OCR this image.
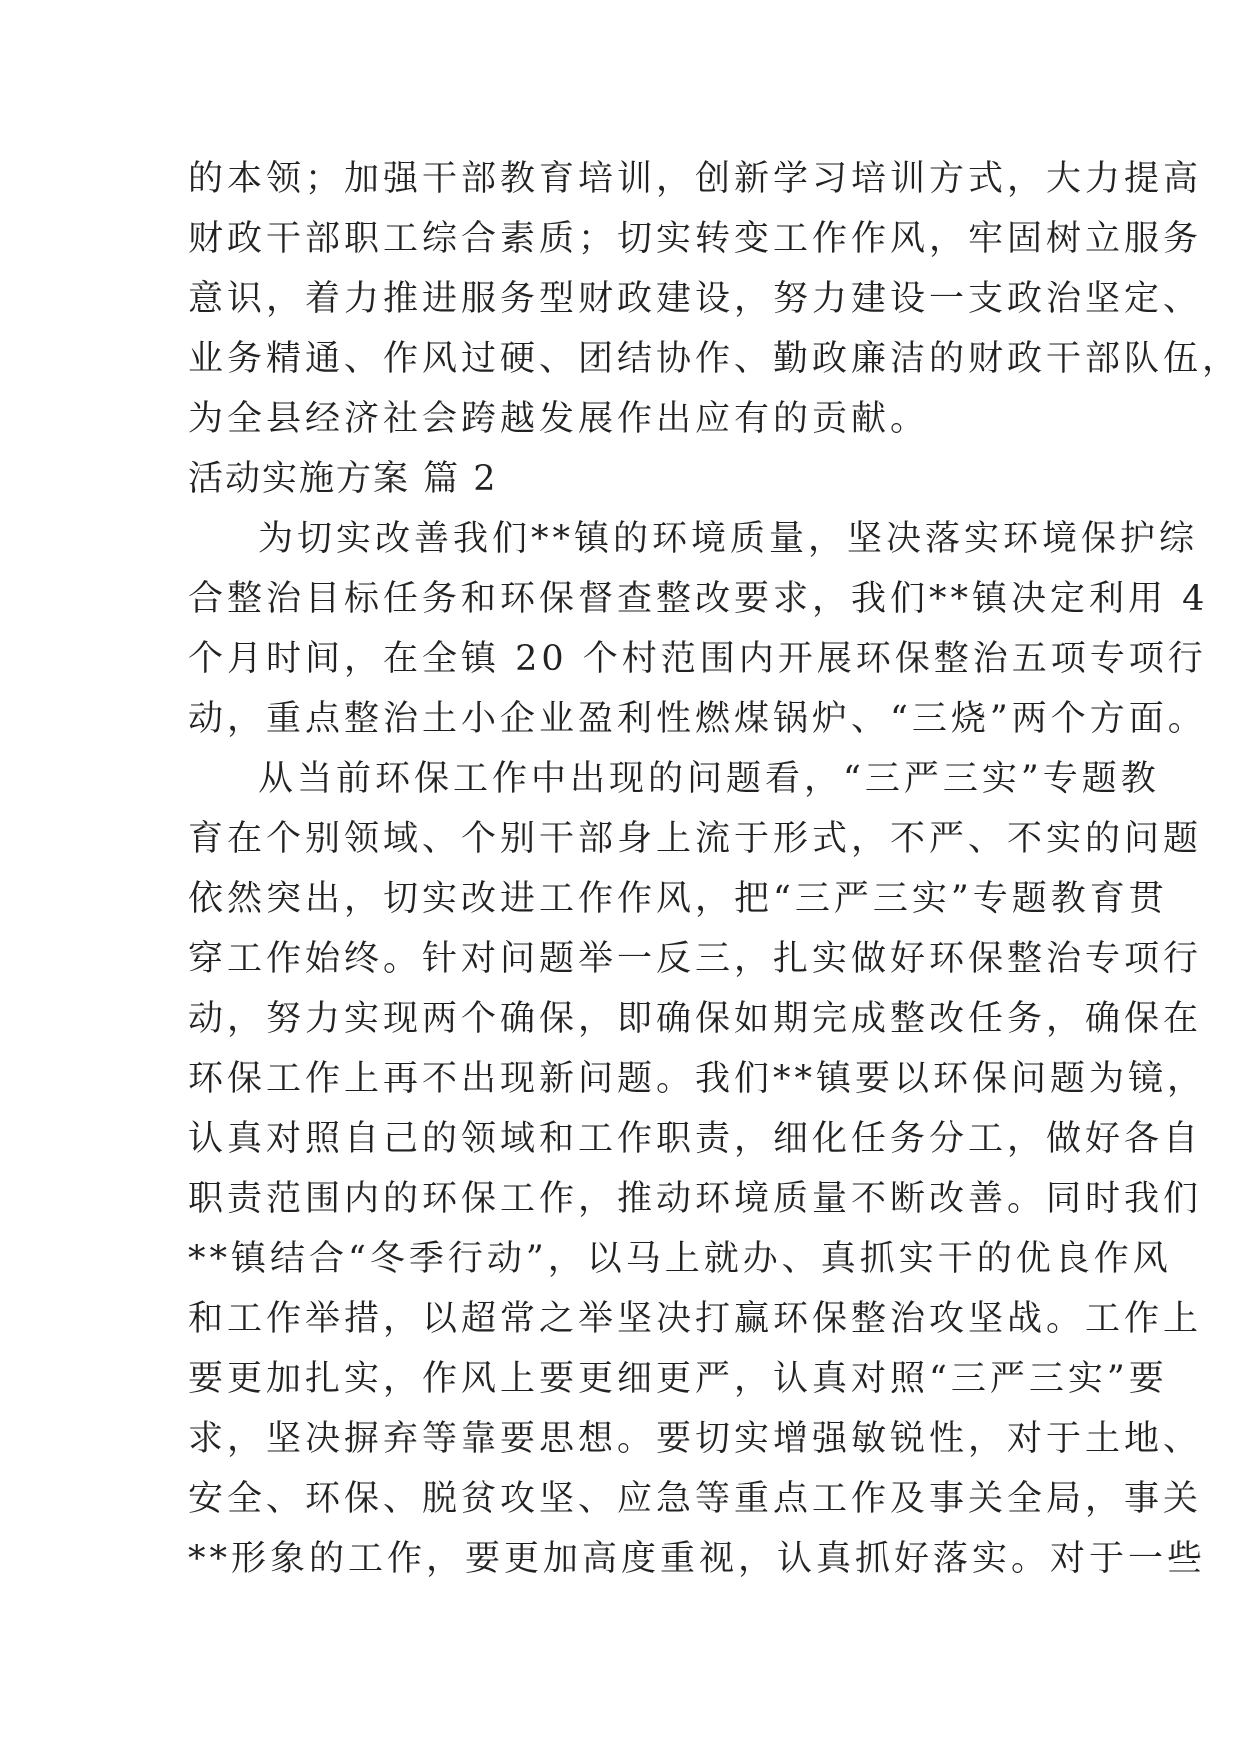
的本领；加强干部教育培训，创新学习培训方式，大力提高
财政干部职工综合素质；切实转变工作作风，牢固树立服务
意识，着力推进服务型财政建设，努力建设一支政治坚定、
业务精通、作风过硬、团结协作、勤政廉洁的财政干部队伍，
为全县经济社会跨越发展作出应有的贡献。
活动实施方案 篇 2
为切实改善我们**镇的环境质量，坚决落实环境保护综
合整治目标任务和环保督查整改要求，我们**镇决定利用 4
个月时间，在全镇 20 个村范围内开展环保整治五项专项行
动，重点整治土小企业盈利性燃煤锅炉、“三烧”两个方面。
从当前环保工作中出现的问题看，“三严三实”专题教
育在个别领域、个别干部身上流于形式，不严、不实的问题
依然突出，切实改进工作作风，把“三严三实”专题教育贯
穿工作始终。针对问题举一反三，扎实做好环保整治专项行
动，努力实现两个确保，即确保如期完成整改任务，确保在
环保工作上再不出现新问题。我们**镇要以环保问题为镜，
认真对照自己的领域和工作职责，细化任务分工，做好各自
职责范围内的环保工作，推动环境质量不断改善。同时我们
**镇结合“冬季行动”，以马上就办、真抓实干的优良作风
和工作举措，以超常之举坚决打赢环保整治攻坚战。工作上
要更加扎实，作风上要更细更严，认真对照“三严三实”要
求，坚决摒弃等靠要思想。要切实增强敏锐性，对于土地、
安全、环保、脱贫攻坚、应急等重点工作及事关全局，事关
**形象的工作，要更加高度重视，认真抓好落实。对于一些
